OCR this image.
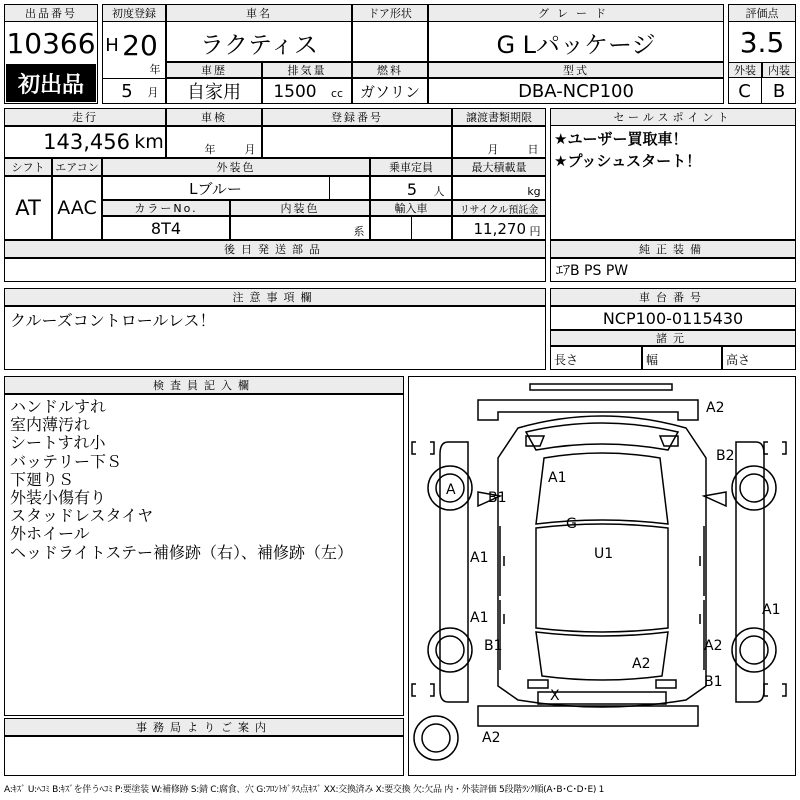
出品番号
10366
初出品
初度登録
H 20
年
5	月
車名
ラクティス
ドア形状	グレード
G Lパッケージ
評価点
3.5
外装	内装
C	B
車歴	排気量	燃料	型式
自家用	1500	cc	ガソリン	DBA-NCP100
走行
143,456 km
車検
年	月
登録番号	譲渡書類期限
月	日
セールスポイント
★ユーザー買取車！
★プッシュスタート！
シフト エアコン
AT AAC
外装色
Lブルー
乗車定員
5	人
最大積載量
kg
カラーNo.	内装色	輸入車	リサイクル預託金
8T4	系	11,270 円
後日発送部品	純正装備
ｴｱB PS PW
注意事項欄
クルーズコントロールレス！
車台番号
NCP100-0115430
諸元
長さ	幅	高さ
検査員記入欄
ハンドルすれ
室内薄汚れ
シートすれ小
バッテリー下Ｓ
下廻りＳ
外装小傷有り
スタッドレスタイヤ
外ホイール
ヘッドライトステー補修跡（右）、補修跡（左）
事務局よりご案内
A2
B2
A1
A B1
G
U1
A1
A1	A1
B1
A2
A2
B1
X
A2
A:ｷｽﾞ U:ﾍｺﾐ B:ｷｽﾞを伴うﾍｺﾐ P:要塗装 W:補修跡 S:錆 C:腐食、穴 G:ﾌﾛﾝﾄｶﾞﾗｽ点ｷｽﾞ XX:交換済み X:要交換 欠:欠品 内・外装評価 5段階ﾗﾝｸ順(A･B･C･D･E) 1
